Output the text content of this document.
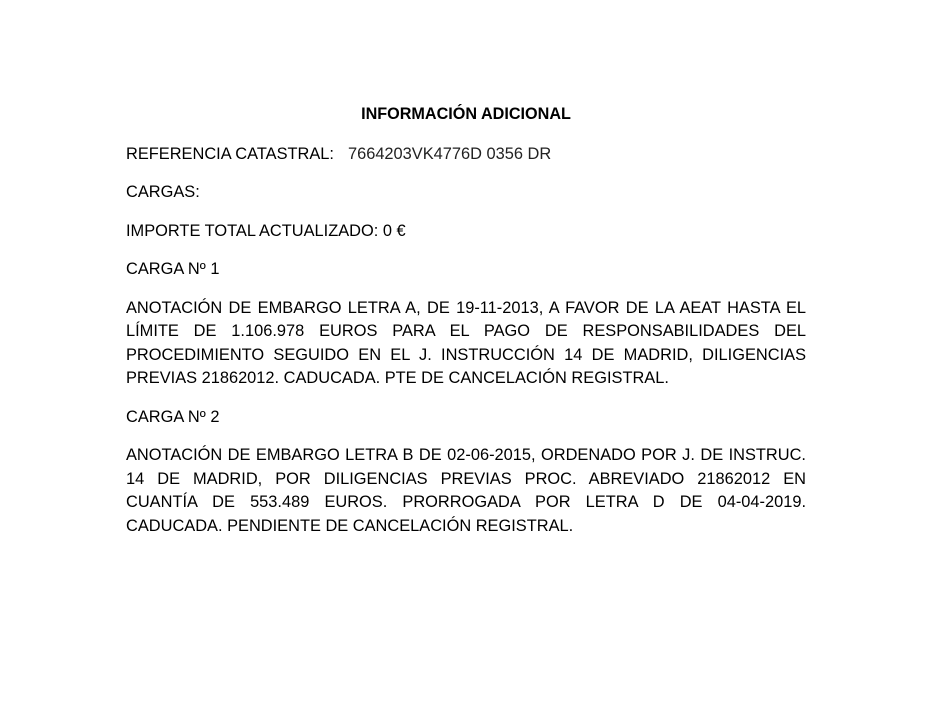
INFORMACIÓN ADICIONAL
REFERENCIA CATASTRAL: 7664203VK4776D 0356 DR
CARGAS:
IMPORTE TOTAL ACTUALIZADO: 0 €
CARGA Nº 1
ANOTACIÓN DE EMBARGO LETRA A, DE 19-11-2013, A FAVOR DE LA AEAT HASTA EL LÍMITE DE 1.106.978 EUROS PARA EL PAGO DE RESPONSABILIDADES DEL PROCEDIMIENTO SEGUIDO EN EL J. INSTRUCCIÓN 14 DE MADRID, DILIGENCIAS PREVIAS 21862012. CADUCADA. PTE DE CANCELACIÓN REGISTRAL.
CARGA Nº 2
ANOTACIÓN DE EMBARGO LETRA B DE 02-06-2015, ORDENADO POR J. DE INSTRUC. 14 DE MADRID, POR DILIGENCIAS PREVIAS PROC. ABREVIADO 21862012 EN CUANTÍA DE 553.489 EUROS. PRORROGADA POR LETRA D DE 04-04-2019. CADUCADA. PENDIENTE DE CANCELACIÓN REGISTRAL.
